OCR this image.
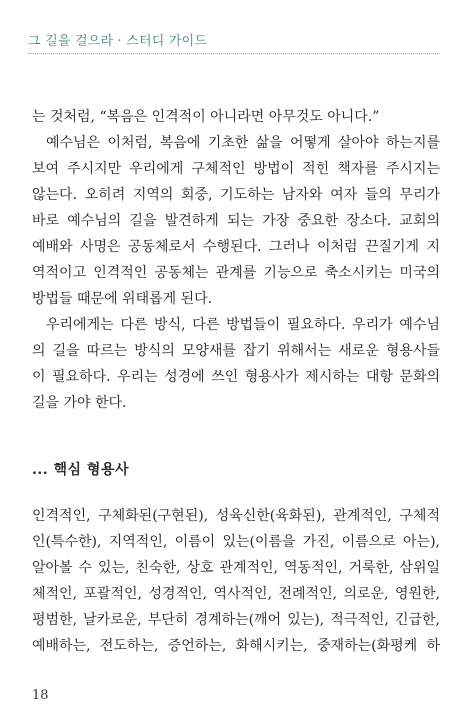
그 길을 걸으라 · 스터디 가이드
는 것처럼, “복음은 인격적이 아니라면 아무것도 아니다.”
예수님은 이처럼, 복음에 기초한 삶을 어떻게 살아야 하는지를
보여 주시지만 우리에게 구체적인 방법이 적힌 책자를 주시지는
않는다. 오히려 지역의 회중, 기도하는 남자와 여자 들의 무리가
바로 예수님의 길을 발견하게 되는 가장 중요한 장소다. 교회의
예배와 사명은 공동체로서 수행된다. 그러나 이처럼 끈질기게 지
역적이고 인격적인 공동체는 관계를 기능으로 축소시키는 미국의
방법들 때문에 위태롭게 된다.
우리에게는 다른 방식, 다른 방법들이 필요하다. 우리가 예수님
의 길을 따르는 방식의 모양새를 잡기 위해서는 새로운 형용사들
이 필요하다. 우리는 성경에 쓰인 형용사가 제시하는 대항 문화의
길을 가야 한다.
... 핵심 형용사
인격적인, 구체화된(구현된), 성육신한(육화된), 관계적인, 구체적
인(특수한), 지역적인, 이름이 있는(이름을 가진, 이름으로 아는),
알아볼 수 있는, 친숙한, 상호 관계적인, 역동적인, 거룩한, 삼위일
체적인, 포괄적인, 성경적인, 역사적인, 전례적인, 의로운, 영원한,
평범한, 날카로운, 부단히 경계하는(깨어 있는), 적극적인, 긴급한,
예배하는, 전도하는, 증언하는, 화해시키는, 중재하는(화평케 하
18
